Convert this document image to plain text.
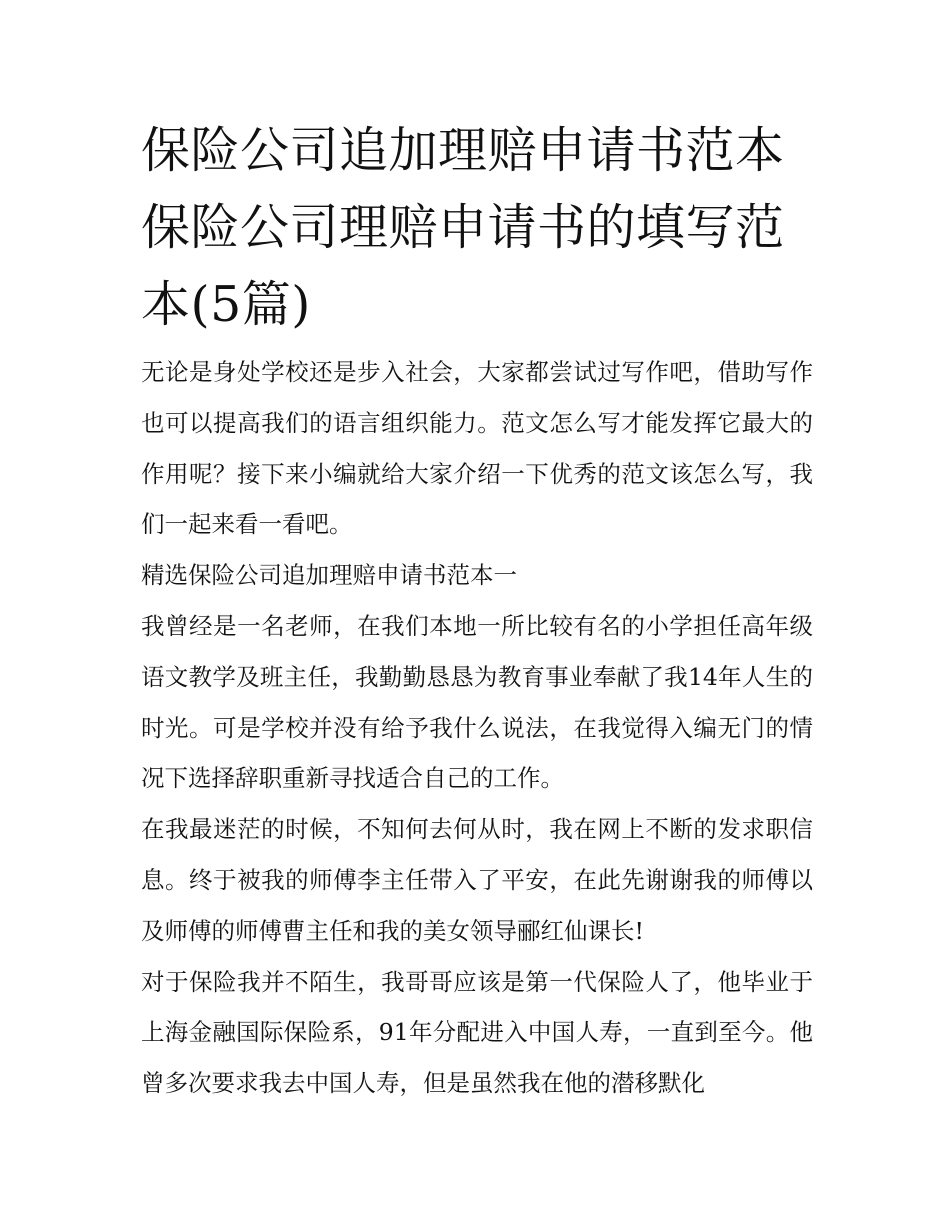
保险公司追加理赔申请书范本保险公司理赔申请书的填写范本(5篇)

无论是身处学校还是步入社会，大家都尝试过写作吧，借助写作也可以提高我们的语言组织能力。范文怎么写才能发挥它最大的作用呢？接下来小编就给大家介绍一下优秀的范文该怎么写，我们一起来看一看吧。

精选保险公司追加理赔申请书范本一

我曾经是一名老师，在我们本地一所比较有名的小学担任高年级语文教学及班主任，我勤勤恳恳为教育事业奉献了我14年人生的时光。可是学校并没有给予我什么说法，在我觉得入编无门的情况下选择辞职重新寻找适合自己的工作。

在我最迷茫的时候，不知何去何从时，我在网上不断的发求职信息。终于被我的师傅李主任带入了平安，在此先谢谢我的师傅以及师傅的师傅曹主任和我的美女领导郦红仙课长!

对于保险我并不陌生，我哥哥应该是第一代保险人了，他毕业于上海金融国际保险系，91年分配进入中国人寿，一直到至今。他曾多次要求我去中国人寿，但是虽然我在他的潜移默化
